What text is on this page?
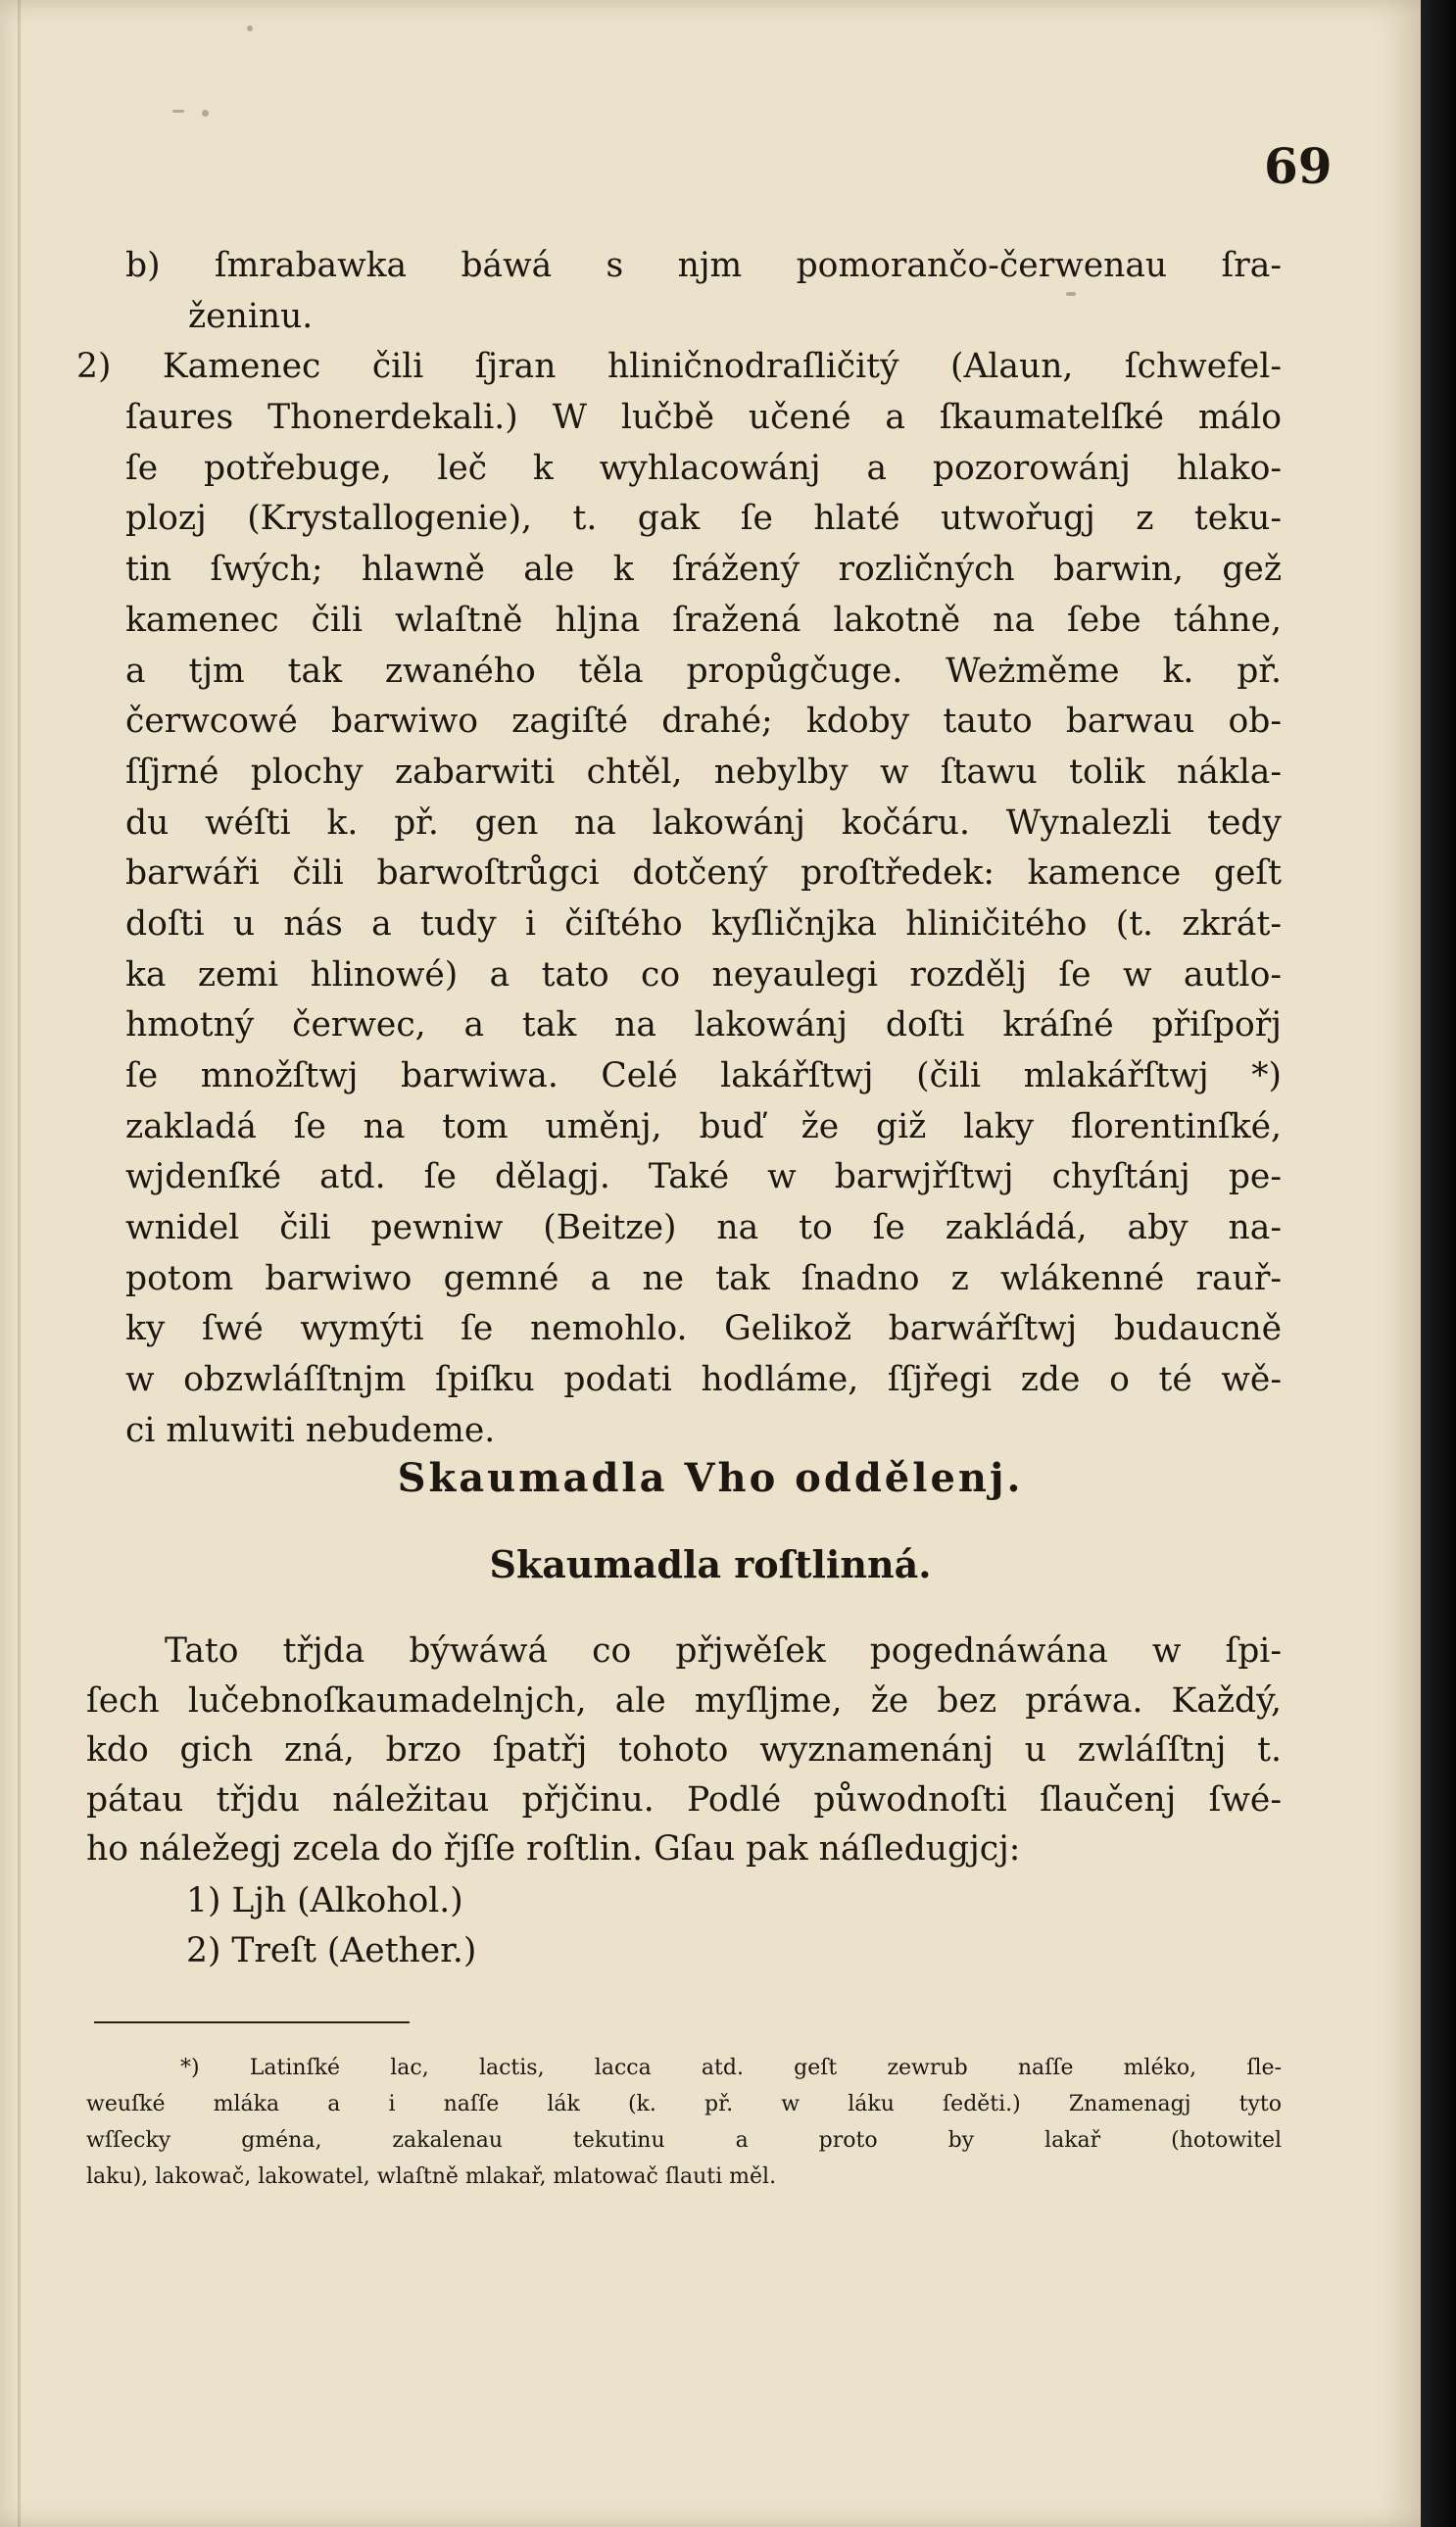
69
b) ſmrabawka báwá s njm pomorančo-čerwenau ſra-
ženinu.
2) Kamenec čili ſjran hliničnodraſličitý (Alaun, ſchwefel-
ſaures Thonerdekali.) W lučbě učené a ſkaumatelſké málo
ſe potřebuge, leč k wyhlacowánj a pozorowánj hlako-
plozj (Krystallogenie), t. gak ſe hlaté utwořugj z teku-
tin ſwých; hlawně ale k ſrážený rozličných barwin, gež
kamenec čili wlaſtně hljna ſražená lakotně na ſebe táhne,
a tjm tak zwaného těla propůgčuge. Weżměme k. př.
čerwcowé barwiwo zagiſté drahé; kdoby tauto barwau ob-
ſſjrné plochy zabarwiti chtěl, nebylby w ſtawu tolik nákla-
du wéſti k. př. gen na lakowánj kočáru. Wynalezli tedy
barwáři čili barwoſtrůgci dotčený proſtředek: kamence geſt
doſti u nás a tudy i čiſtého kyſličnjka hliničitého (t. zkrát-
ka zemi hlinowé) a tato co neyaulegi rozdělj ſe w autlo-
hmotný čerwec, a tak na lakowánj doſti kráſné přiſpořj
ſe množſtwj barwiwa. Celé lakářſtwj (čili mlakářſtwj *)
zakladá ſe na tom uměnj, buď že giž laky florentinſké,
wjdenſké atd. ſe dělagj. Také w barwjřſtwj chyſtánj pe-
wnidel čili pewniw (Beitze) na to ſe zakládá, aby na-
potom barwiwo gemné a ne tak ſnadno z wlákenné rauř-
ky ſwé wymýti ſe nemohlo. Gelikož barwářſtwj budaucně
w obzwláſſtnjm ſpiſku podati hodláme, ſſjřegi zde o té wě-
ci mluwiti nebudeme.
Skaumadla Vho oddělenj.
Skaumadla roſtlinná.
Tato třjda býwáwá co přjwěſek pogednáwána w ſpi-
ſech lučebnoſkaumadelnjch, ale myſljme, že bez práwa. Každý,
kdo gich zná, brzo ſpatřj tohoto wyznamenánj u zwláſſtnj t.
pátau třjdu náležitau přjčinu. Podlé půwodnoſti ſlaučenj ſwé-
ho náležegj zcela do řjſſe roſtlin. Gſau pak náſledugjcj:
1) Ljh (Alkohol.)
2) Treſt (Aether.)
*) Latinſké lac, lactis, lacca atd. geſt zewrub naſſe mléko, ſle-
weuſké mláka a i naſſe lák (k. př. w láku ſeděti.) Znamenagj tyto
wſſecky gména, zakalenau tekutinu a proto by lakař (hotowitel
laku), lakowač, lakowatel, wlaſtně mlakař, mlatowač ſlauti měl.
